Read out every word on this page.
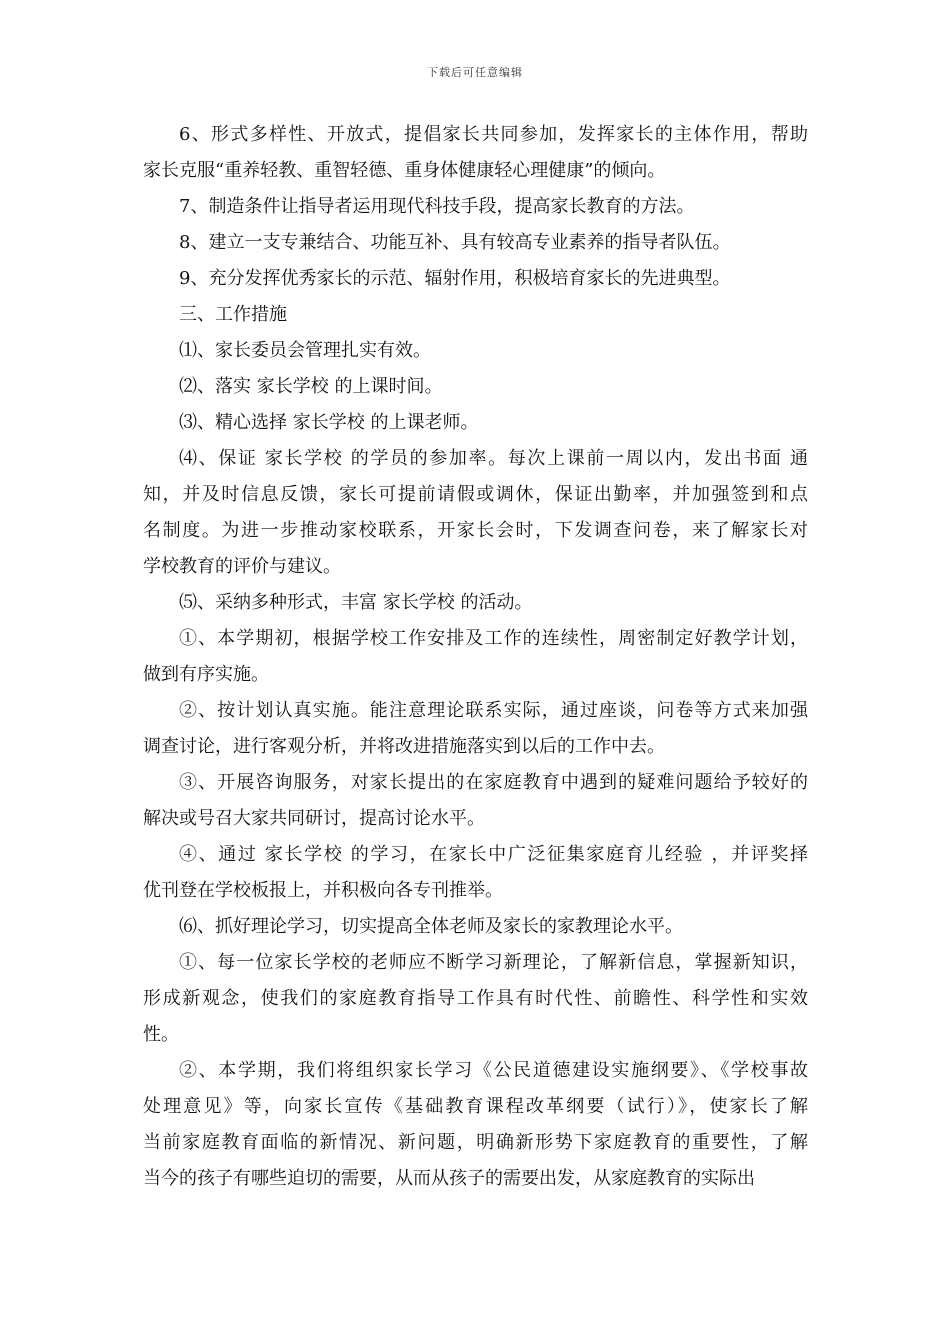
下载后可任意编辑

6、形式多样性、开放式，提倡家长共同参加，发挥家长的主体作用，帮助
家长克服“重养轻教、重智轻德、重身体健康轻心理健康”的倾向。

7、制造条件让指导者运用现代科技手段，提高家长教育的方法。

8、建立一支专兼结合、功能互补、具有较高专业素养的指导者队伍。

9、充分发挥优秀家长的示范、辐射作用，积极培育家长的先进典型。

三、工作措施

⑴、家长委员会管理扎实有效。

⑵、落实 家长学校 的上课时间。

⑶、精心选择 家长学校 的上课老师。

⑷、保证 家长学校 的学员的参加率。每次上课前一周以内，发出书面 通
知，并及时信息反馈，家长可提前请假或调休，保证出勤率，并加强签到和点
名制度。为进一步推动家校联系，开家长会时，下发调查问卷，来了解家长对
学校教育的评价与建议。

⑸、采纳多种形式，丰富 家长学校 的活动。

①、本学期初，根据学校工作安排及工作的连续性，周密制定好教学计划，
做到有序实施。

②、按计划认真实施。能注意理论联系实际，通过座谈，问卷等方式来加强
调查讨论，进行客观分析，并将改进措施落实到以后的工作中去。

③、开展咨询服务，对家长提出的在家庭教育中遇到的疑难问题给予较好的
解决或号召大家共同研讨，提高讨论水平。

④、通过 家长学校 的学习，在家长中广泛征集家庭育儿经验 ，并评奖择
优刊登在学校板报上，并积极向各专刊推举。

⑹、抓好理论学习，切实提高全体老师及家长的家教理论水平。

①、每一位家长学校的老师应不断学习新理论，了解新信息，掌握新知识，
形成新观念，使我们的家庭教育指导工作具有时代性、前瞻性、科学性和实效
性。

②、本学期，我们将组织家长学习《公民道德建设实施纲要》、《学校事故
处理意见》等，向家长宣传《基础教育课程改革纲要（试行）》，使家长了解
当前家庭教育面临的新情况、新问题，明确新形势下家庭教育的重要性，了解
当今的孩子有哪些迫切的需要，从而从孩子的需要出发，从家庭教育的实际出
